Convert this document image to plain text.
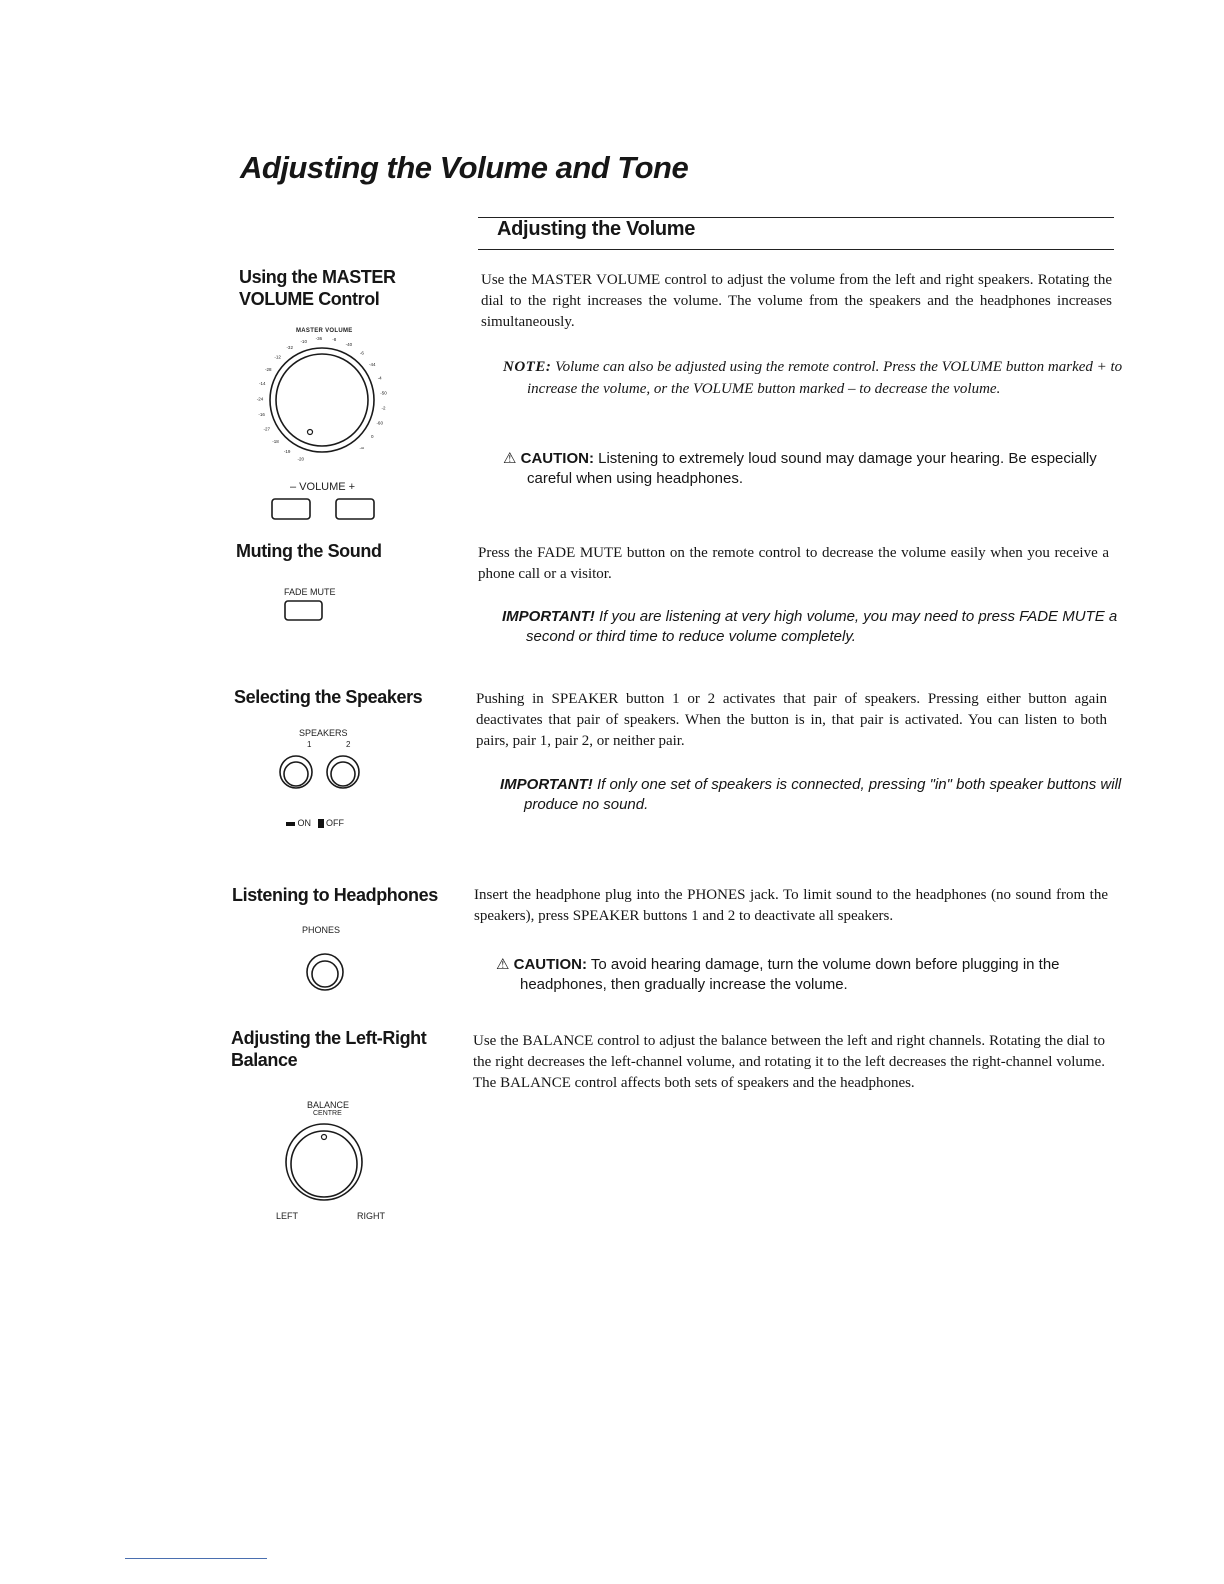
Adjusting the Volume and Tone
Adjusting the Volume
Using the MASTER
VOLUME Control
MASTER VOLUME
-20
-19
-18
-27
-16
-24
-14
-28
-12
-32
-10
-36 -8
-40
-6
-44
-4
-50
-2
-60
0
-∞
– VOLUME +
Use the MASTER VOLUME control to adjust the volume from the left and right speakers. Rotating the dial to the right increases the volume. The volume from the speakers and the headphones increases simultaneously.
NOTE: Volume can also be adjusted using the remote control. Press the VOLUME button marked + to increase the volume, or the VOLUME button marked – to decrease the volume.
⚠ CAUTION: Listening to extremely loud sound may damage your hearing. Be especially careful when using headphones.
Muting the Sound
FADE MUTE
Press the FADE MUTE button on the remote control to decrease the volume easily when you receive a phone call or a visitor.
IMPORTANT! If you are listening at very high volume, you may need to press FADE MUTE a second or third time to reduce volume completely.
Selecting the Speakers
SPEAKERS
1	2
ON OFF
Pushing in SPEAKER button 1 or 2 activates that pair of speakers. Pressing either button again deactivates that pair of speakers. When the button is in, that pair is activated. You can listen to both pairs, pair 1, pair 2, or neither pair.
IMPORTANT! If only one set of speakers is connected, pressing "in" both speaker buttons will produce no sound.
Listening to Headphones
PHONES
Insert the headphone plug into the PHONES jack. To limit sound to the headphones (no sound from the speakers), press SPEAKER buttons 1 and 2 to deactivate all speakers.
⚠ CAUTION: To avoid hearing damage, turn the volume down before plugging in the headphones, then gradually increase the volume.
Adjusting the Left-Right
Balance
BALANCE
CENTRE
LEFT	RIGHT
Use the BALANCE control to adjust the balance between the left and right channels. Rotating the dial to the right decreases the left-channel volume, and rotating it to the left decreases the right-channel volume. The BALANCE control affects both sets of speakers and the headphones.
